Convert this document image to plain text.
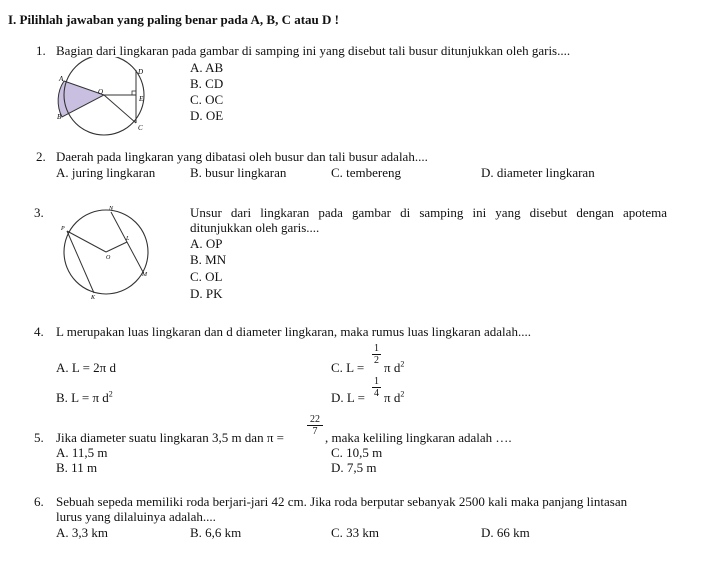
I. Pilihlah jawaban yang paling benar pada A, B, C atau D !
1. Bagian dari lingkaran pada gambar di samping ini yang disebut tali busur ditunjukkan oleh garis....
A
B
C
D
E
O
A. AB
B. CD
C. OC
D. OE
2. Daerah pada lingkaran yang dibatasi oleh busur dan tali busur adalah....
A. juring lingkaran	B. busur lingkaran	C. tembereng	D. diameter lingkaran
3.	N
P
L
O
M
K
Unsur dari lingkaran pada gambar di samping ini yang disebut dengan apotema
ditunjukkan oleh garis....
A. OP
B. MN
C. OL
D. PK
4. L merupakan luas lingkaran dan d diameter lingkaran, maka rumus luas lingkaran adalah....
A. L = 2π d
B. L = π $d^2$
C. L =
1
2 π $d^2$
D. L =
1
4 π $d^2$
5. Jika diameter suatu lingkaran 3,5 m dan π =
22
7 , maka keliling lingkaran adalah ….
A. 11,5 m
B. 11 m
C. 10,5 m
D. 7,5 m
6. Sebuah sepeda memiliki roda berjari-jari 42 cm. Jika roda berputar sebanyak 2500 kali maka panjang lintasan
lurus yang dilaluinya adalah....
A. 3,3 km	B. 6,6 km	C. 33 km	D. 66 km
